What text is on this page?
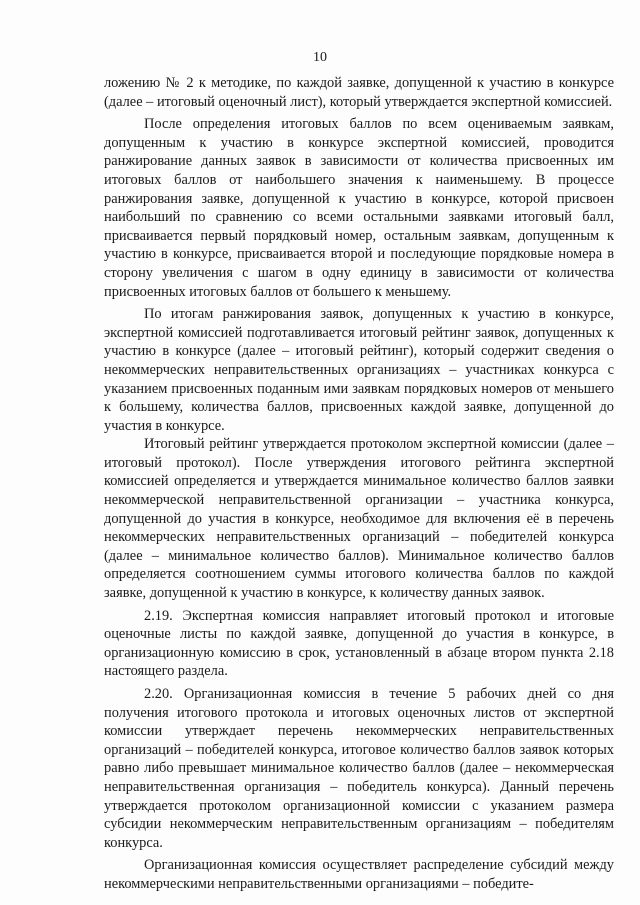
10

ложению № 2 к методике, по каждой заявке, допущенной к участию в конкурсе (далее – итоговый оценочный лист), который утверждается экспертной комиссией.

После определения итоговых баллов по всем оцениваемым заявкам, допущенным к участию в конкурсе экспертной комиссией, проводится ранжирование данных заявок в зависимости от количества присвоенных им итоговых баллов от наибольшего значения к наименьшему. В процессе ранжирования заявке, допущенной к участию в конкурсе, которой присвоен наибольший по сравнению со всеми остальными заявками итоговый балл, присваивается первый порядковый номер, остальным заявкам, допущенным к участию в конкурсе, присваивается второй и последующие порядковые номера в сторону увеличения с шагом в одну единицу в зависимости от количества присвоенных итоговых баллов от большего к меньшему.

По итогам ранжирования заявок, допущенных к участию в конкурсе, экспертной комиссией подготавливается итоговый рейтинг заявок, допущенных к участию в конкурсе (далее – итоговый рейтинг), который содержит сведения о некоммерческих неправительственных организациях – участниках конкурса с указанием присвоенных поданным ими заявкам порядковых номеров от меньшего к большему, количества баллов, присвоенных каждой заявке, допущенной до участия в конкурсе.

Итоговый рейтинг утверждается протоколом экспертной комиссии (далее – итоговый протокол). После утверждения итогового рейтинга экспертной комиссией определяется и утверждается минимальное количество баллов заявки некоммерческой неправительственной организации – участника конкурса, допущенной до участия в конкурсе, необходимое для включения её в перечень некоммерческих неправительственных организаций – победителей конкурса (далее – минимальное количество баллов). Минимальное количество баллов определяется соотношением суммы итогового количества баллов по каждой заявке, допущенной к участию в конкурсе, к количеству данных заявок.

2.19. Экспертная комиссия направляет итоговый протокол и итоговые оценочные листы по каждой заявке, допущенной до участия в конкурсе, в организационную комиссию в срок, установленный в абзаце втором пункта 2.18 настоящего раздела.

2.20. Организационная комиссия в течение 5 рабочих дней со дня получения итогового протокола и итоговых оценочных листов от экспертной комиссии утверждает перечень некоммерческих неправительственных организаций – победителей конкурса, итоговое количество баллов заявок которых равно либо превышает минимальное количество баллов (далее – некоммерческая неправительственная организация – победитель конкурса). Данный перечень утверждается протоколом организационной комиссии с указанием размера субсидии некоммерческим неправительственным организациям – победителям конкурса.

Организационная комиссия осуществляет распределение субсидий между некоммерческими неправительственными организациями – победите-
